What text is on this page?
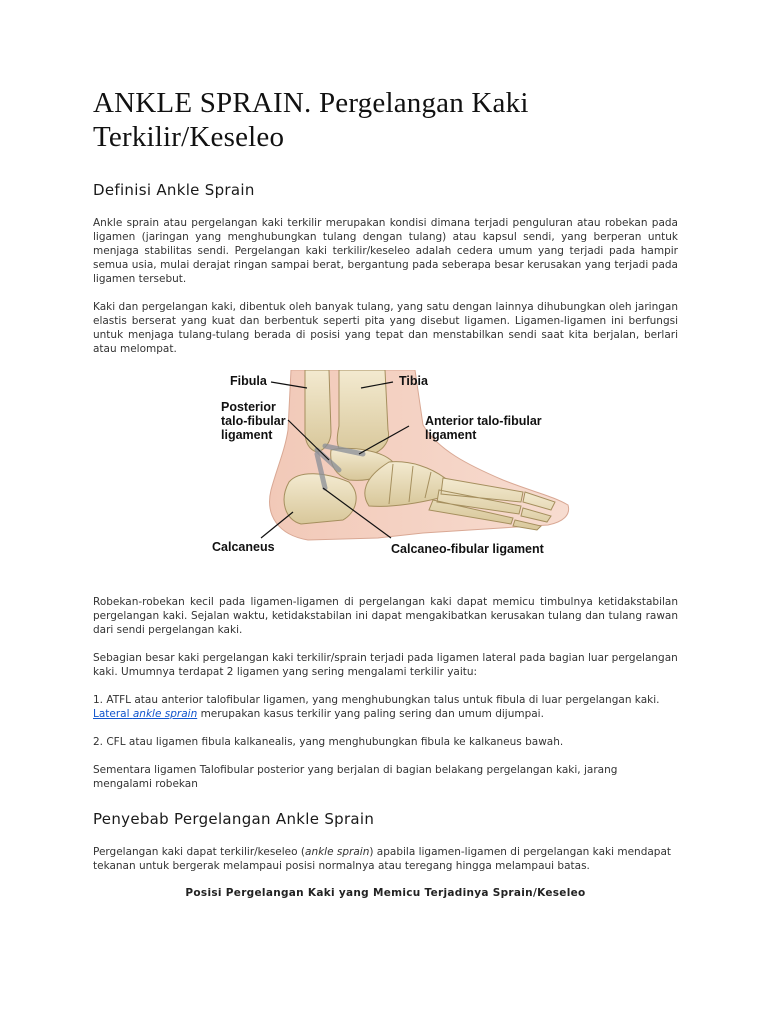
ANKLE SPRAIN. Pergelangan Kaki Terkilir/Keseleo
Definisi Ankle Sprain

Ankle sprain atau pergelangan kaki terkilir merupakan kondisi dimana terjadi penguluran atau robekan pada ligamen (jaringan yang menghubungkan tulang dengan tulang) atau kapsul sendi, yang berperan untuk menjaga stabilitas sendi. Pergelangan kaki terkilir/keseleo adalah cedera umum yang terjadi pada hampir semua usia, mulai derajat ringan sampai berat, bergantung pada seberapa besar kerusakan yang terjadi pada ligamen tersebut.

Kaki dan pergelangan kaki, dibentuk oleh banyak tulang, yang satu dengan lainnya dihubungkan oleh jaringan elastis berserat yang kuat dan berbentuk seperti pita yang disebut ligamen. Ligamen-ligamen ini berfungsi untuk menjaga tulang-tulang berada di posisi yang tepat dan menstabilkan sendi saat kita berjalan, berlari atau melompat.

Fibula	Tibia
Posterior
talo-fibular
ligament
Anterior talo-fibular
ligament
Calcaneus	Calcaneo-fibular ligament

Robekan-robekan kecil pada ligamen-ligamen di pergelangan kaki dapat memicu timbulnya ketidakstabilan pergelangan kaki. Sejalan waktu, ketidakstabilan ini dapat mengakibatkan kerusakan tulang dan tulang rawan dari sendi pergelangan kaki.

Sebagian besar kaki pergelangan kaki terkilir/sprain terjadi pada ligamen lateral pada bagian luar pergelangan kaki. Umumnya terdapat 2 ligamen yang sering mengalami terkilir yaitu:

1. ATFL atau anterior talofibular ligamen, yang menghubungkan talus untuk fibula di luar pergelangan kaki. Lateral ankle sprain merupakan kasus terkilir yang paling sering dan umum dijumpai.

2. CFL atau ligamen fibula kalkanealis, yang menghubungkan fibula ke kalkaneus bawah.

Sementara ligamen Talofibular posterior yang berjalan di bagian belakang pergelangan kaki, jarang mengalami robekan

Penyebab Pergelangan Ankle Sprain

Pergelangan kaki dapat terkilir/keseleo (ankle sprain) apabila ligamen-ligamen di pergelangan kaki mendapat tekanan untuk bergerak melampaui posisi normalnya atau teregang hingga melampaui batas.

Posisi Pergelangan Kaki yang Memicu Terjadinya Sprain/Keseleo
